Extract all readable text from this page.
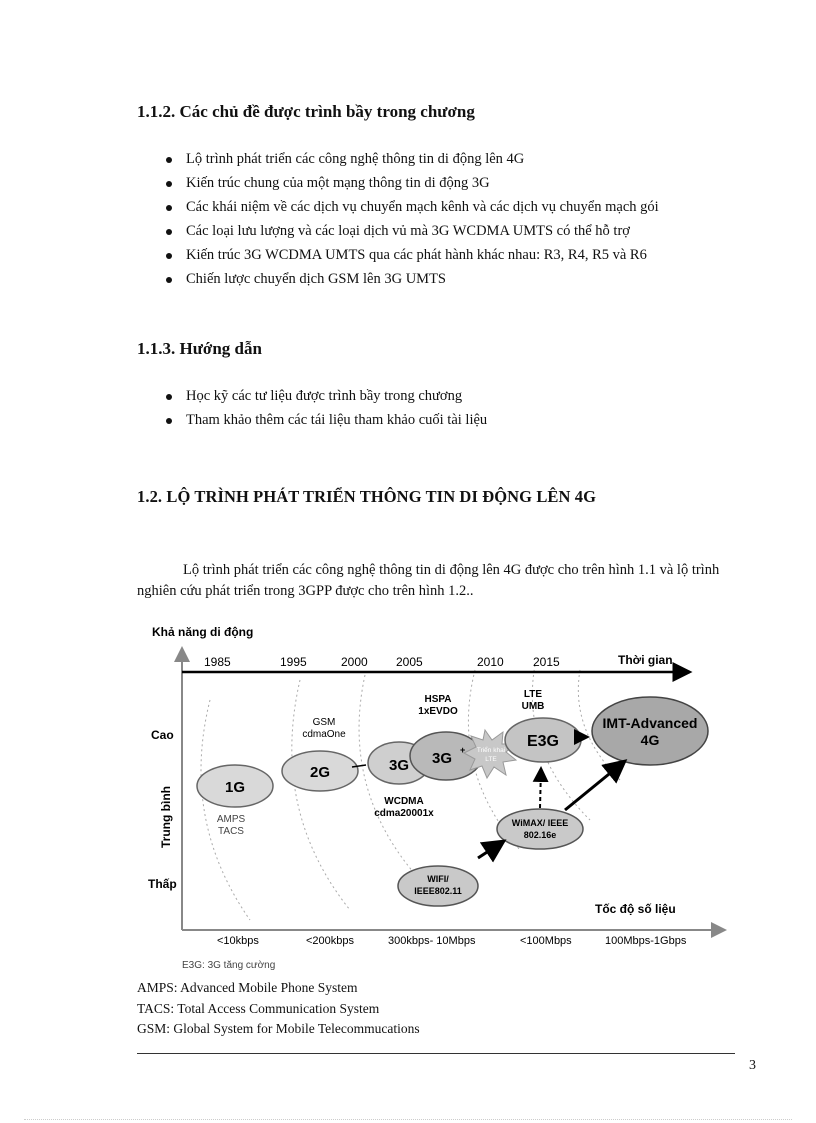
1.1.2. Các chủ đề được trình bầy trong chương
Lộ trình phát triển các công nghệ thông tin di động lên 4G
Kiến trúc chung của một mạng thông tin di động 3G
Các khái niệm về các dịch vụ chuyển mạch kênh và các dịch vụ chuyển mạch gói
Các loại lưu lượng và các loại dịch vủ mà 3G WCDMA UMTS có thể hỗ trợ
Kiến trúc 3G WCDMA UMTS qua các phát hành khác nhau: R3, R4, R5 và R6
Chiến lược chuyển dịch GSM lên 3G UMTS
1.1.3. Hướng dẫn
Học kỹ các tư liệu được trình bầy trong chương
Tham khảo thêm các tái liệu tham khảo cuối tài liệu
1.2. LỘ TRÌNH PHÁT TRIỂN THÔNG TIN DI ĐỘNG LÊN 4G
Lộ trình phát triển các công nghệ thông tin di động lên 4G được cho trên hình 1.1 và lộ trình nghiên cứu phát triển trong 3GPP được cho trên hình 1.2..
Khả năng di động
Tốc độ số liệu
Thời gian
1985	1995	2000 2005	2010 2015
Cao
Trung bình
Thấp
<10kbps	<200kbps	300kbps- 10Mbps	<100Mbps	100Mbps-1Gbps
1G
AMPS
TACS
2G
GSM
cdmaOne
3G
WCDMA
cdma20001x
3G +
HSPA
1xEVDO
Triển khai
LTE
E3G
LTE
UMB
IMT-Advanced
4G
WiMAX/ IEEE
802.16e
WIFI/
IEEE802.11
E3G: 3G tăng cường
AMPS: Advanced Mobile Phone System
TACS: Total Access Communication System
GSM: Global System for Mobile Telecommucations
3
